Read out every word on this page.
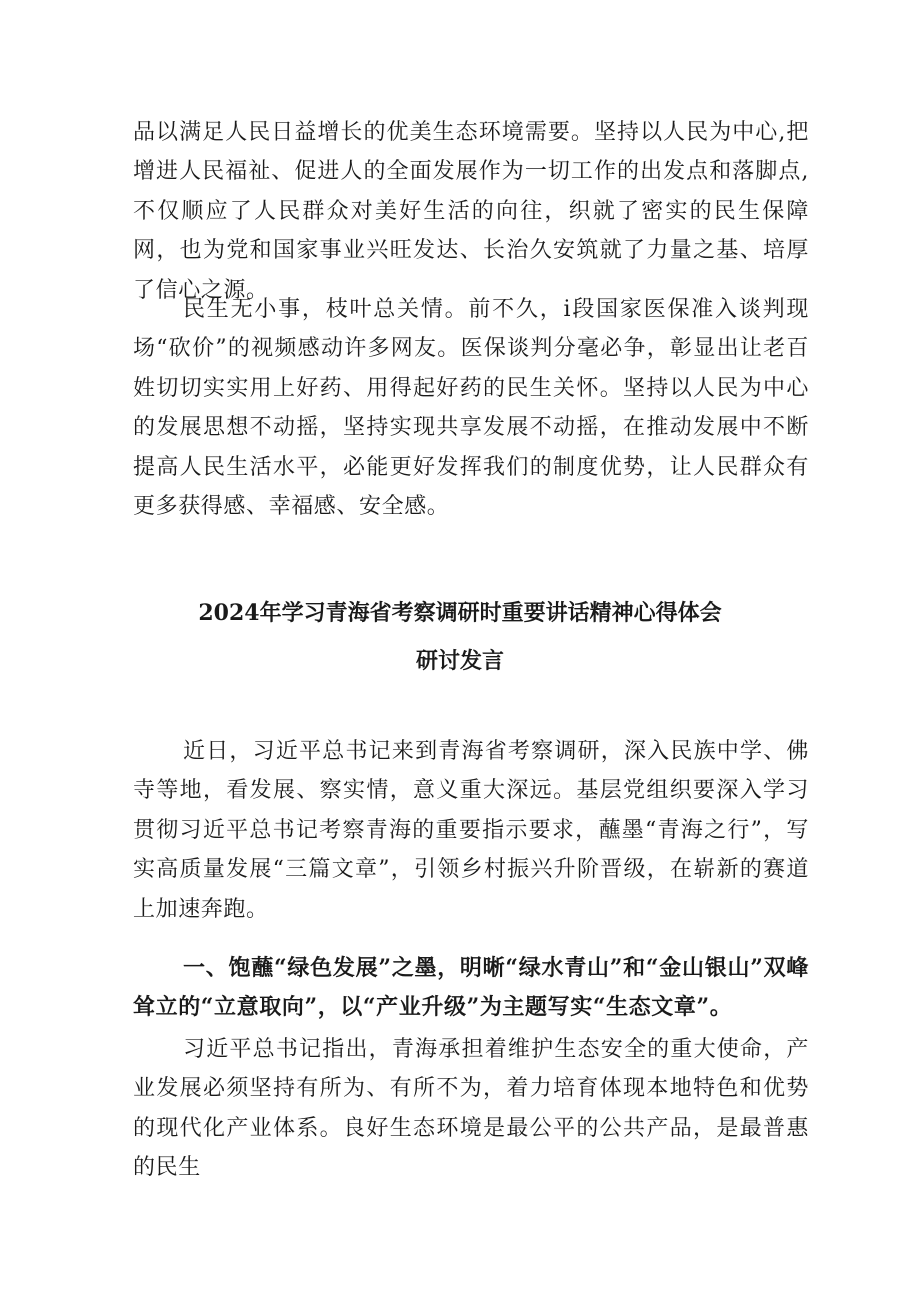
品以满足人民日益增长的优美生态环境需要。坚持以人民为中心,把增进人民福祉、促进人的全面发展作为一切工作的出发点和落脚点,不仅顺应了人民群众对美好生活的向往，织就了密实的民生保障网，也为党和国家事业兴旺发达、长治久安筑就了力量之基、培厚了信心之源。

民生无小事，枝叶总关情。前不久，i段国家医保准入谈判现场“砍价”的视频感动许多网友。医保谈判分毫必争，彰显出让老百姓切切实实用上好药、用得起好药的民生关怀。坚持以人民为中心的发展思想不动摇，坚持实现共享发展不动摇，在推动发展中不断提高人民生活水平，必能更好发挥我们的制度优势，让人民群众有更多获得感、幸福感、安全感。

2024年学习青海省考察调研时重要讲话精神心得体会
研讨发言

近日，习近平总书记来到青海省考察调研，深入民族中学、佛寺等地，看发展、察实情，意义重大深远。基层党组织要深入学习贯彻习近平总书记考察青海的重要指示要求，蘸墨“青海之行”，写实高质量发展“三篇文章”，引领乡村振兴升阶晋级，在崭新的赛道上加速奔跑。

一、饱蘸“绿色发展”之墨，明晰“绿水青山”和“金山银山”双峰耸立的“立意取向”，以“产业升级”为主题写实“生态文章”。

习近平总书记指出，青海承担着维护生态安全的重大使命，产业发展必须坚持有所为、有所不为，着力培育体现本地特色和优势的现代化产业体系。良好生态环境是最公平的公共产品，是最普惠的民生
